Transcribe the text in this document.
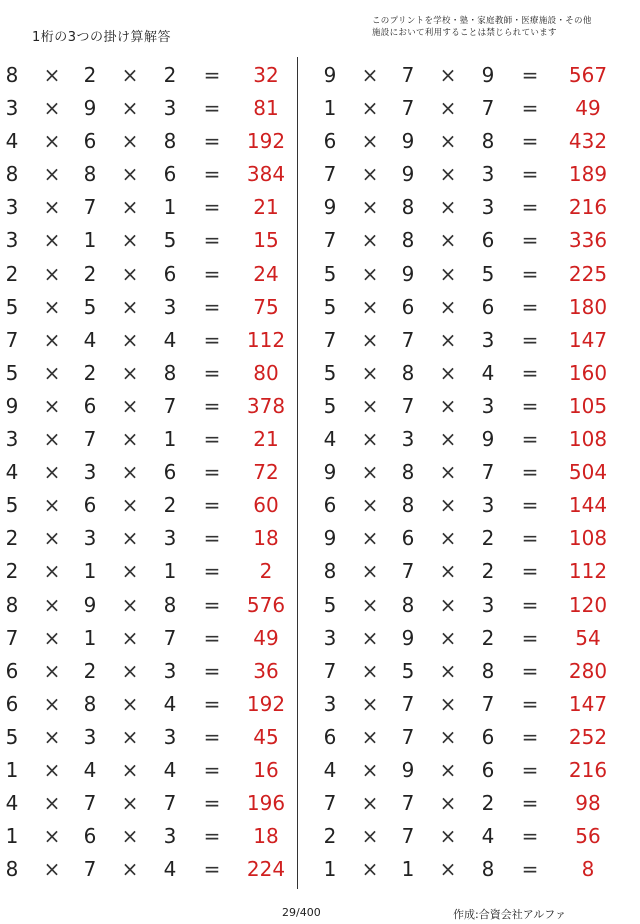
1桁の3つの掛け算解答
このプリントを学校・塾・家庭教師・医療施設・その他
施設において利用することは禁じられています
8 × 2 × 2 =	32
3 × 9 × 3 =	81
4 × 6 × 8 =	192
8 × 8 × 6 =	384
3 × 7 × 1 =	21
3 × 1 × 5 =	15
2 × 2 × 6 =	24
5 × 5 × 3 =	75
7 × 4 × 4 =	112
5 × 2 × 8 =	80
9 × 6 × 7 =	378
3 × 7 × 1 =	21
4 × 3 × 6 =	72
5 × 6 × 2 =	60
2 × 3 × 3 =	18
2 × 1 × 1 =	2
8 × 9 × 8 =	576
7 × 1 × 7 =	49
6 × 2 × 3 =	36
6 × 8 × 4 =	192
5 × 3 × 3 =	45
1 × 4 × 4 =	16
4 × 7 × 7 =	196
1 × 6 × 3 =	18
8 × 7 × 4 =	224
9 × 7 × 9 =	567
1 × 7 × 7 =	49
6 × 9 × 8 =	432
7 × 9 × 3 =	189
9 × 8 × 3 =	216
7 × 8 × 6 =	336
5 × 9 × 5 =	225
5 × 6 × 6 =	180
7 × 7 × 3 =	147
5 × 8 × 4 =	160
5 × 7 × 3 =	105
4 × 3 × 9 =	108
9 × 8 × 7 =	504
6 × 8 × 3 =	144
9 × 6 × 2 =	108
8 × 7 × 2 =	112
5 × 8 × 3 =	120
3 × 9 × 2 =	54
7 × 5 × 8 =	280
3 × 7 × 7 =	147
6 × 7 × 6 =	252
4 × 9 × 6 =	216
7 × 7 × 2 =	98
2 × 7 × 4 =	56
1 × 1 × 8 =	8
29/400	作成:合資会社アルファ
